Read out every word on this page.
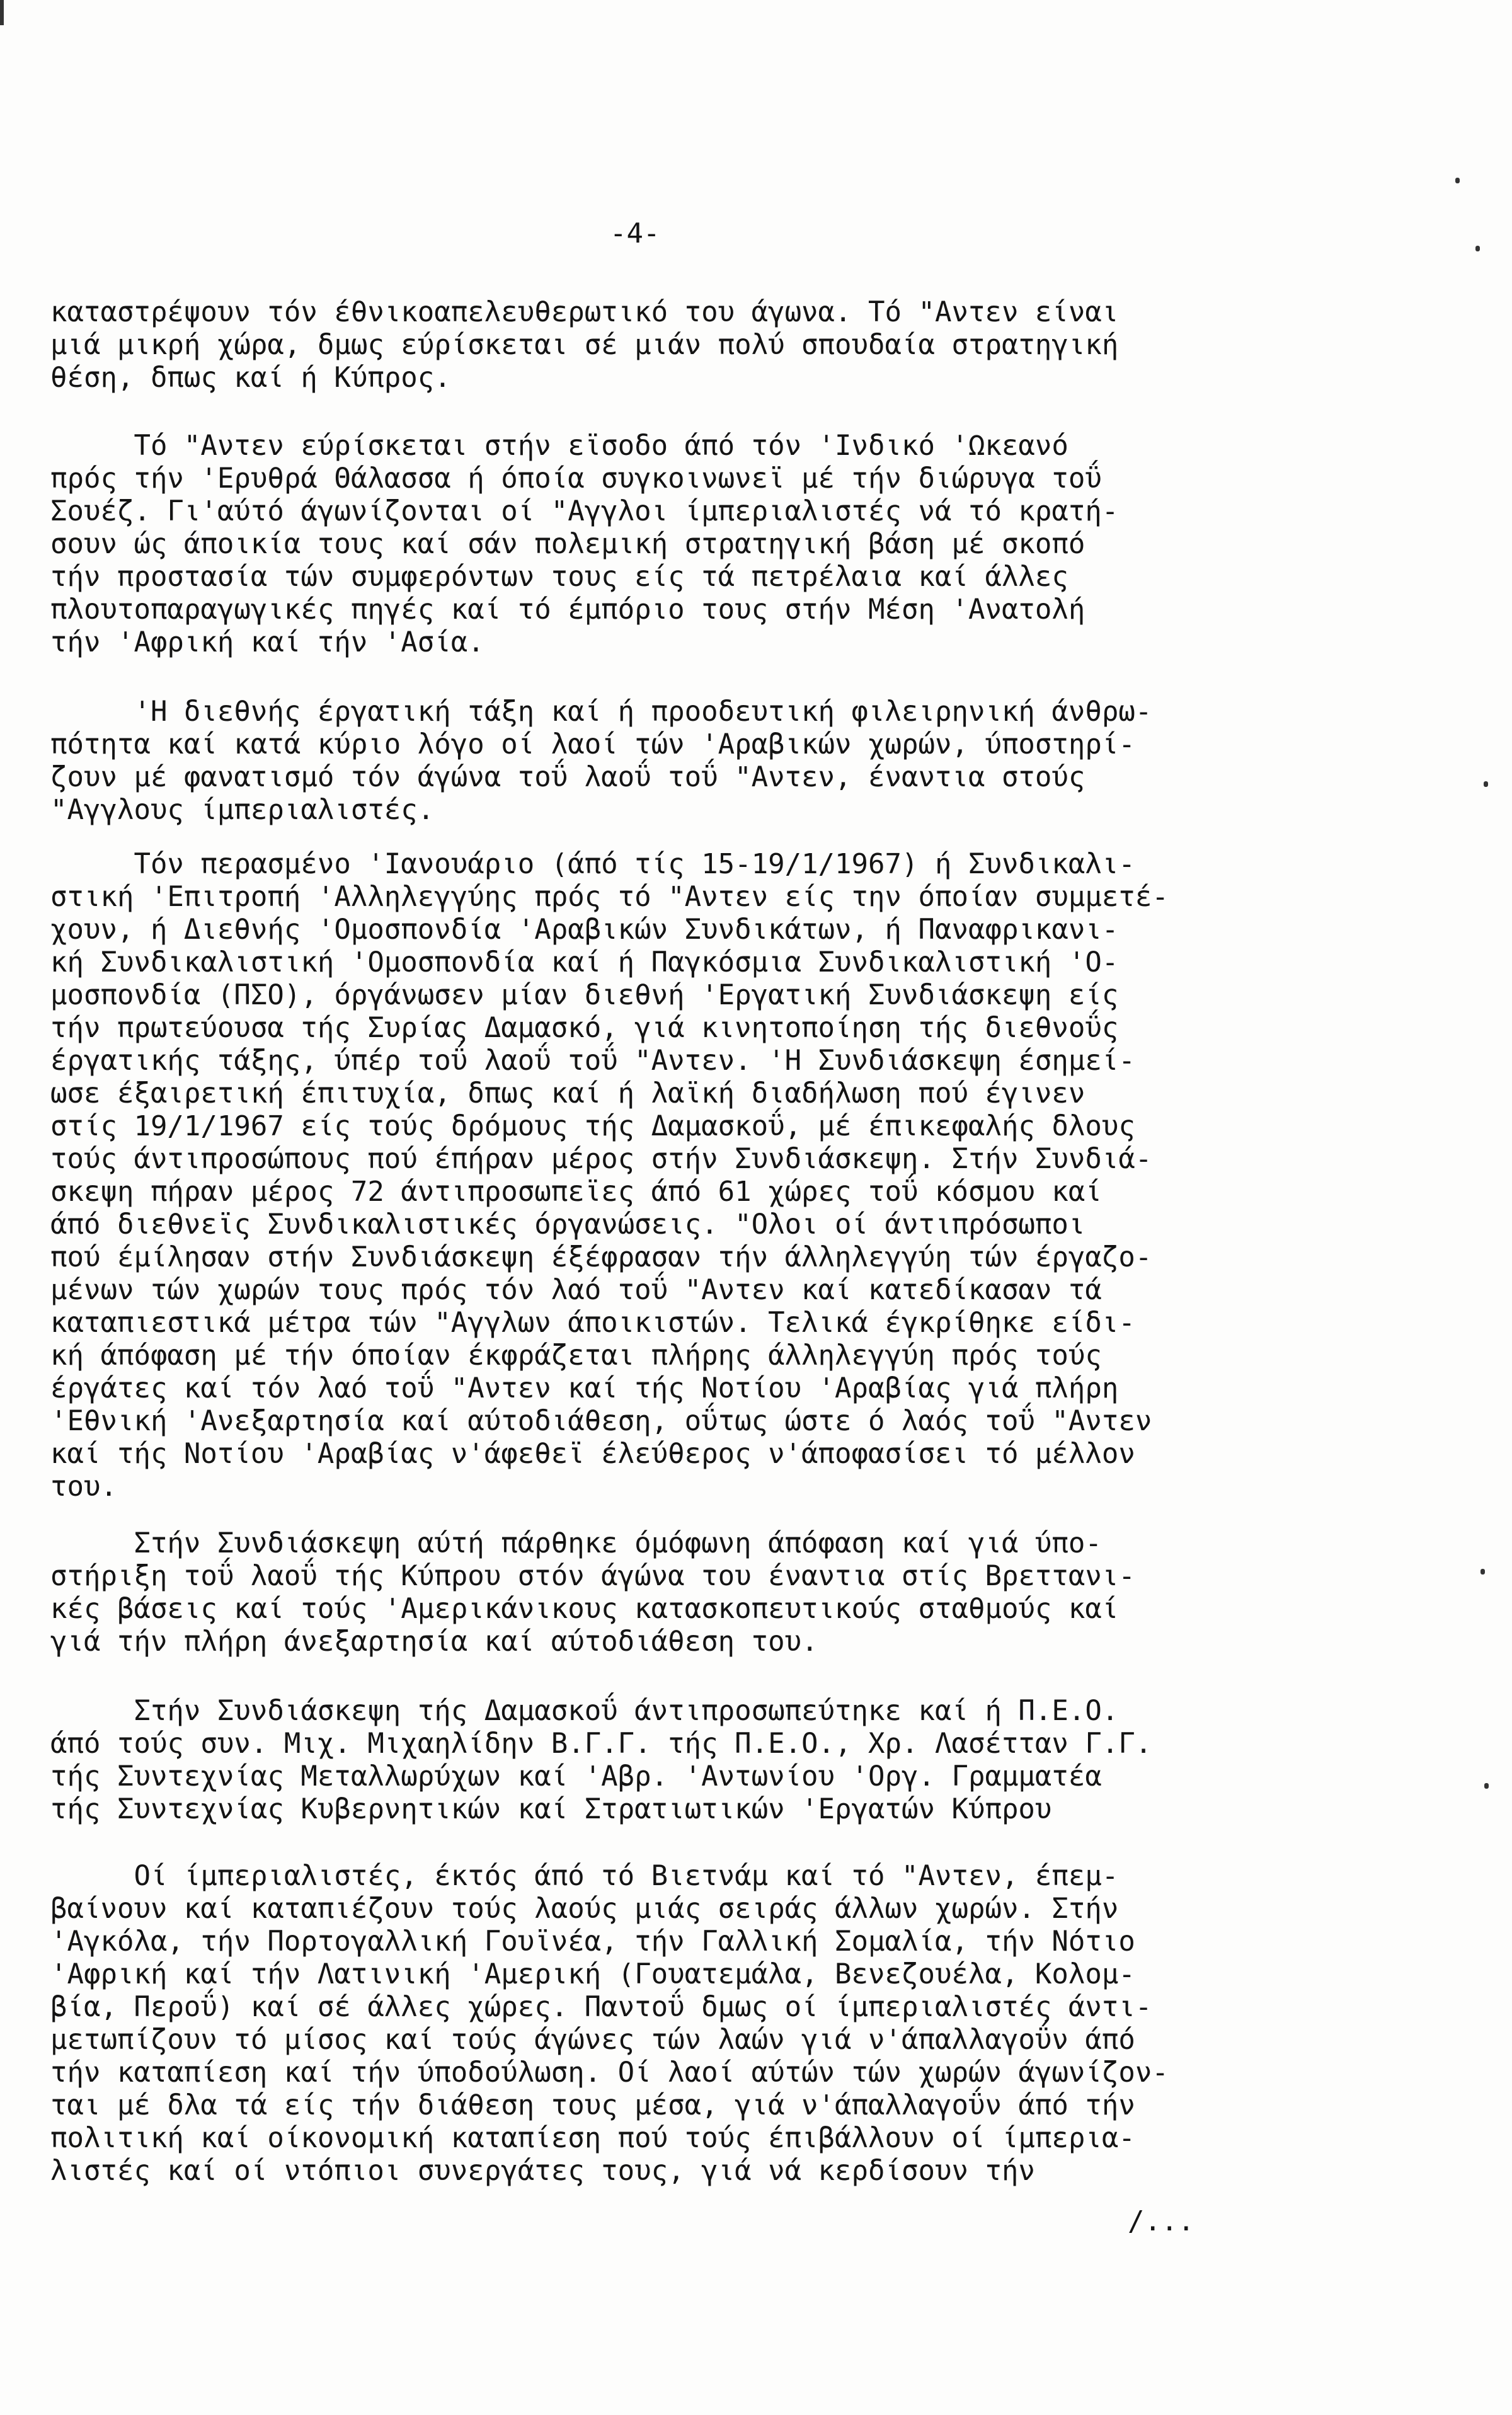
-4-
καταστρέψουν τόν έθνικοαπελευθερωτικό του άγωνα. Τό "Αντεν είναι
μιά μικρή χώρα, δμως εύρίσκεται σέ μιάν πολύ σπουδαία στρατηγική
θέση, δπως καί ή Κύπρος.
Τό "Αντεν εύρίσκεται στήν εϊσοδο άπό τόν 'Ινδικό 'Ωκεανό
πρός τήν 'Ερυθρά Θάλασσα ή όποία συγκοινωνεϊ μέ τήν διώρυγα τοΰ
Σουέζ. Γι'αύτό άγωνίζονται οί "Αγγλοι ίμπεριαλιστές νά τό κρατή-
σουν ώς άποικία τους καί σάν πολεμική στρατηγική βάση μέ σκοπό
τήν προστασία τών συμφερόντων τους είς τά πετρέλαια καί άλλες
πλουτοπαραγωγικές πηγές καί τό έμπόριο τους στήν Μέση 'Ανατολή
τήν 'Αφρική καί τήν 'Ασία.
'Η διεθνής έργατική τάξη καί ή προοδευτική φιλειρηνική άνθρω-
πότητα καί κατά κύριο λόγο οί λαοί τών 'Αραβικών χωρών, ύποστηρί-
ζουν μέ φανατισμό τόν άγώνα τοΰ λαοΰ τοΰ "Αντεν, έναντια στούς
"Αγγλους ίμπεριαλιστές.
Τόν περασμένο 'Ιανουάριο (άπό τίς 15-19/1/1967) ή Συνδικαλι-
στική 'Επιτροπή 'Αλληλεγγύης πρός τό "Αντεν είς την όποίαν συμμετέ-
χουν, ή Διεθνής 'Ομοσπονδία 'Αραβικών Συνδικάτων, ή Παναφρικανι-
κή Συνδικαλιστική 'Ομοσπονδία καί ή Παγκόσμια Συνδικαλιστική 'Ο-
μοσπονδία (ΠΣΟ), όργάνωσεν μίαν διεθνή 'Εργατική Συνδιάσκεψη είς
τήν πρωτεύουσα τής Συρίας Δαμασκό, γιά κινητοποίηση τής διεθνοΰς
έργατικής τάξης, ύπέρ τοΰ λαοΰ τοΰ "Αντεν. 'Η Συνδιάσκεψη έσημεί-
ωσε έξαιρετική έπιτυχία, δπως καί ή λαϊκή διαδήλωση πού έγινεν
στίς 19/1/1967 είς τούς δρόμους τής Δαμασκοΰ, μέ έπικεφαλής δλους
τούς άντιπροσώπους πού έπήραν μέρος στήν Συνδιάσκεψη. Στήν Συνδιά-
σκεψη πήραν μέρος 72 άντιπροσωπεϊες άπό 61 χώρες τοΰ κόσμου καί
άπό διεθνεϊς Συνδικαλιστικές όργανώσεις. "Ολοι οί άντιπρόσωποι
πού έμίλησαν στήν Συνδιάσκεψη έξέφρασαν τήν άλληλεγγύη τών έργαζο-
μένων τών χωρών τους πρός τόν λαό τοΰ "Αντεν καί κατεδίκασαν τά
καταπιεστικά μέτρα τών "Αγγλων άποικιστών. Τελικά έγκρίθηκε είδι-
κή άπόφαση μέ τήν όποίαν έκφράζεται πλήρης άλληλεγγύη πρός τούς
έργάτες καί τόν λαό τοΰ "Αντεν καί τής Νοτίου 'Αραβίας γιά πλήρη
'Εθνική 'Ανεξαρτησία καί αύτοδιάθεση, οΰτως ώστε ό λαός τοΰ "Αντεν
καί τής Νοτίου 'Αραβίας ν'άφεθεϊ έλεύθερος ν'άποφασίσει τό μέλλον
του.
Στήν Συνδιάσκεψη αύτή πάρθηκε όμόφωνη άπόφαση καί γιά ύπο-
στήριξη τοΰ λαοΰ τής Κύπρου στόν άγώνα του έναντια στίς Βρεττανι-
κές βάσεις καί τούς 'Αμερικάνικους κατασκοπευτικούς σταθμούς καί
γιά τήν πλήρη άνεξαρτησία καί αύτοδιάθεση του.
Στήν Συνδιάσκεψη τής Δαμασκοΰ άντιπροσωπεύτηκε καί ή Π.Ε.Ο.
άπό τούς συν. Μιχ. Μιχαηλίδην Β.Γ.Γ. τής Π.Ε.Ο., Χρ. Λασέτταν Γ.Γ.
τής Συντεχνίας Μεταλλωρύχων καί 'Αβρ. 'Αντωνίου 'Οργ. Γραμματέα
τής Συντεχνίας Κυβερνητικών καί Στρατιωτικών 'Εργατών Κύπρου
Οί ίμπεριαλιστές, έκτός άπό τό Βιετνάμ καί τό "Αντεν, έπεμ-
βαίνουν καί καταπιέζουν τούς λαούς μιάς σειράς άλλων χωρών. Στήν
'Αγκόλα, τήν Πορτογαλλική Γουϊνέα, τήν Γαλλική Σομαλία, τήν Νότιο
'Αφρική καί τήν Λατινική 'Αμερική (Γουατεμάλα, Βενεζουέλα, Κολομ-
βία, Περοΰ) καί σέ άλλες χώρες. Παντοΰ δμως οί ίμπεριαλιστές άντι-
μετωπίζουν τό μίσος καί τούς άγώνες τών λαών γιά ν'άπαλλαγοΰν άπό
τήν καταπίεση καί τήν ύποδούλωση. Οί λαοί αύτών τών χωρών άγωνίζον-
ται μέ δλα τά είς τήν διάθεση τους μέσα, γιά ν'άπαλλαγοΰν άπό τήν
πολιτική καί οίκονομική καταπίεση πού τούς έπιβάλλουν οί ίμπερια-
λιστές καί οί ντόπιοι συνεργάτες τους, γιά νά κερδίσουν τήν
/...
